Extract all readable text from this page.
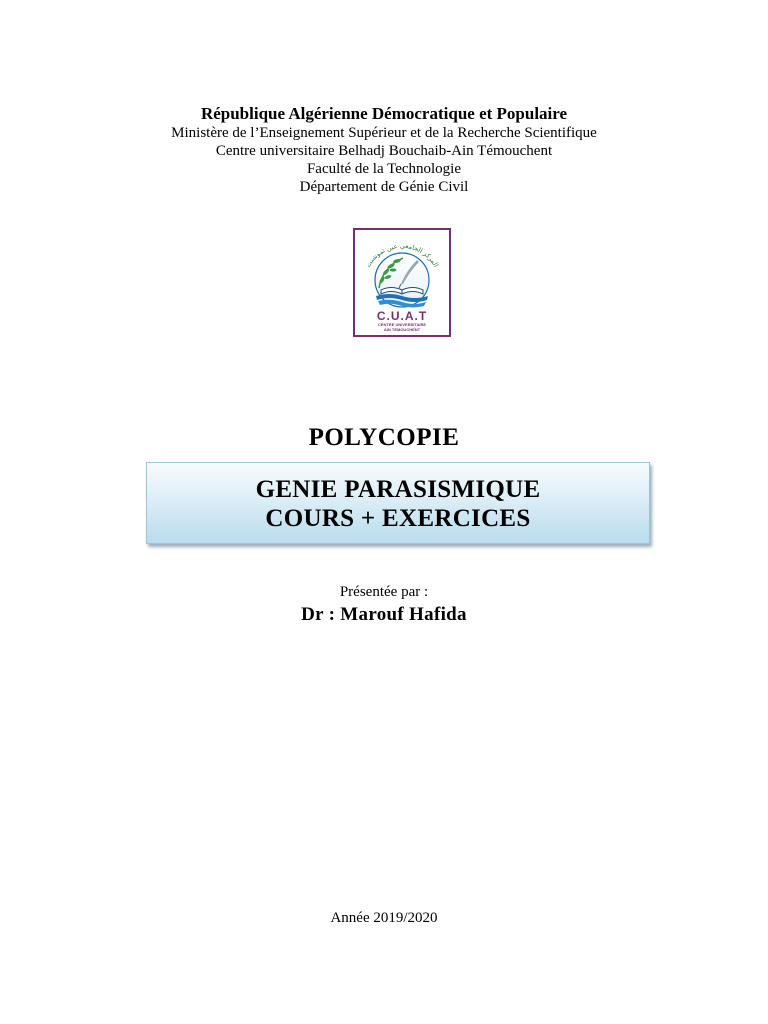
République Algérienne Démocratique et Populaire
Ministère de l’Enseignement Supérieur et de la Recherche Scientifique
Centre universitaire Belhadj Bouchaib-Ain Témouchent
Faculté de la Technologie
Département de Génie Civil
المركز الجامعي عين تموشنت
C.U.A.T
CENTRE UNIVERSITAIRE
AIN TEMOUCHENT
POLYCOPIE
GENIE PARASISMIQUE
COURS + EXERCICES
Présentée par :
Dr : Marouf Hafida
Année 2019/2020
